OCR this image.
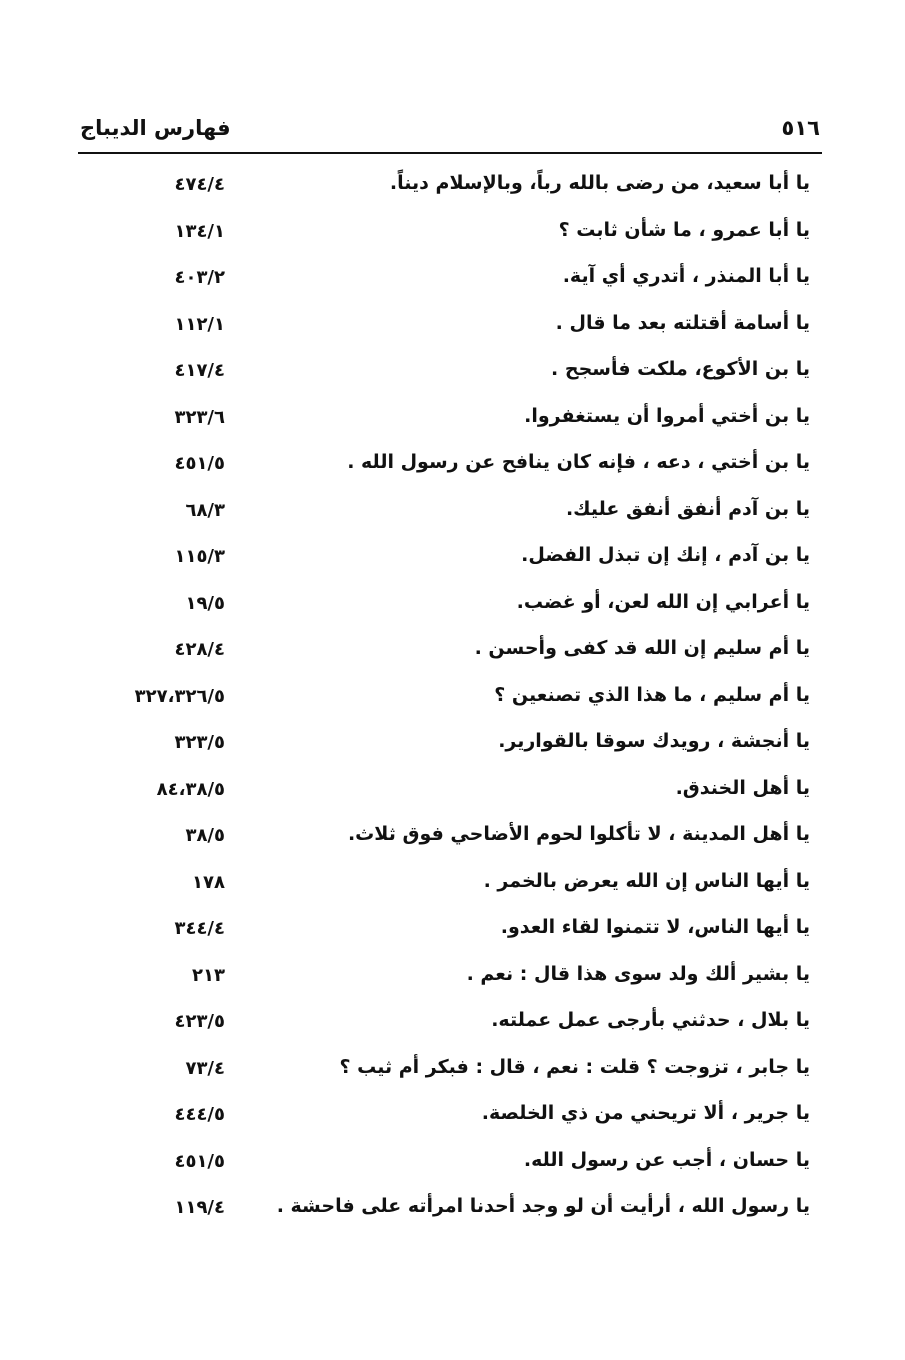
فهارس الديباج	٥١٦
يا أبا سعيد، من رضى بالله رباً، وبالإسلام ديناً.
٤٧٤/٤
يا أبا عمرو ، ما شأن ثابت ؟
١٣٤/١
يا أبا المنذر ، أتدري أي آية.
٤٠٣/٢
يا أسامة أقتلته بعد ما قال .
١١٢/١
يا بن الأكوع، ملكت فأسجح .
٤١٧/٤
يا بن أختي أمروا أن يستغفروا.
٣٢٣/٦
يا بن أختي ، دعه ، فإنه كان ينافح عن رسول الله .
٤٥١/٥
يا بن آدم أنفق أنفق عليك.
٦٨/٣
يا بن آدم ، إنك إن تبذل الفضل.
١١٥/٣
يا أعرابي إن الله لعن، أو غضب.
١٩/٥
يا أم سليم إن الله قد كفى وأحسن .
٤٢٨/٤
يا أم سليم ، ما هذا الذي تصنعين ؟
٣٢٧،٣٢٦/٥
يا أنجشة ، رويدك سوقا بالقوارير.
٣٢٣/٥
يا أهل الخندق.
٨٤،٣٨/٥
يا أهل المدينة ، لا تأكلوا لحوم الأضاحي فوق ثلاث.
٣٨/٥
يا أيها الناس إن الله يعرض بالخمر .
١٧٨
يا أيها الناس، لا تتمنوا لقاء العدو.
٣٤٤/٤
يا بشير ألك ولد سوى هذا قال : نعم .
٢١٣
يا بلال ، حدثني بأرجى عمل عملته.
٤٢٣/٥
يا جابر ، تزوجت ؟ قلت : نعم ، قال : فبكر أم ثيب ؟
٧٣/٤
يا جرير ، ألا تريحني من ذي الخلصة.
٤٤٤/٥
يا حسان ، أجب عن رسول الله.
٤٥١/٥
يا رسول الله ، أرأيت أن لو وجد أحدنا امرأته على فاحشة .
١١٩/٤
